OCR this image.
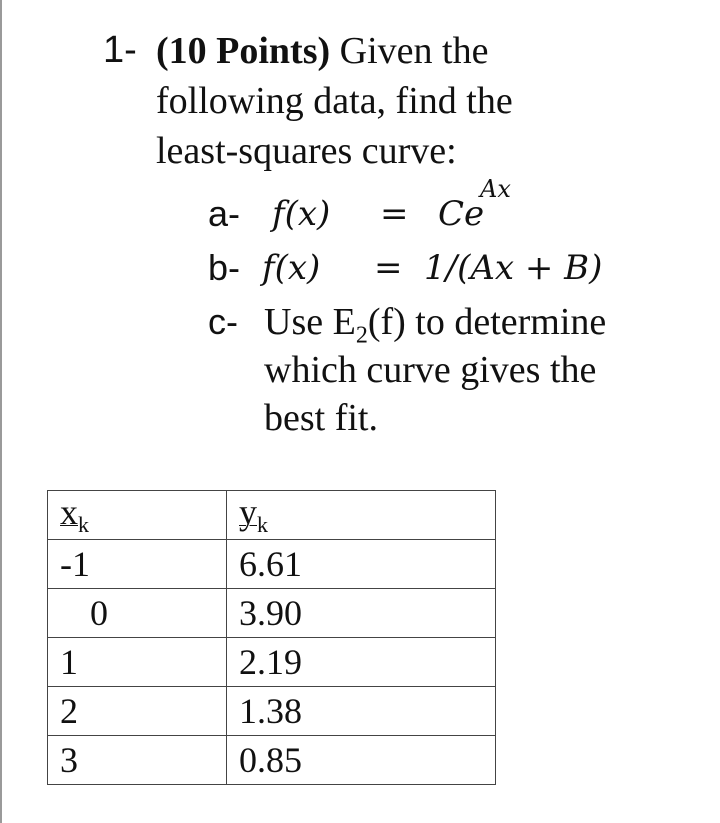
1- (10 Points) Given the following data, find the least-squares curve:
a- f(x) = Ce
Ax
b- f(x) = 1/(Ax + B)
c- Use $E_2(f)$ to determine which curve gives the best fit.
$x_k$	$y_k$
-1	6.61
0	3.90
1	2.19
2	1.38
3	0.85
